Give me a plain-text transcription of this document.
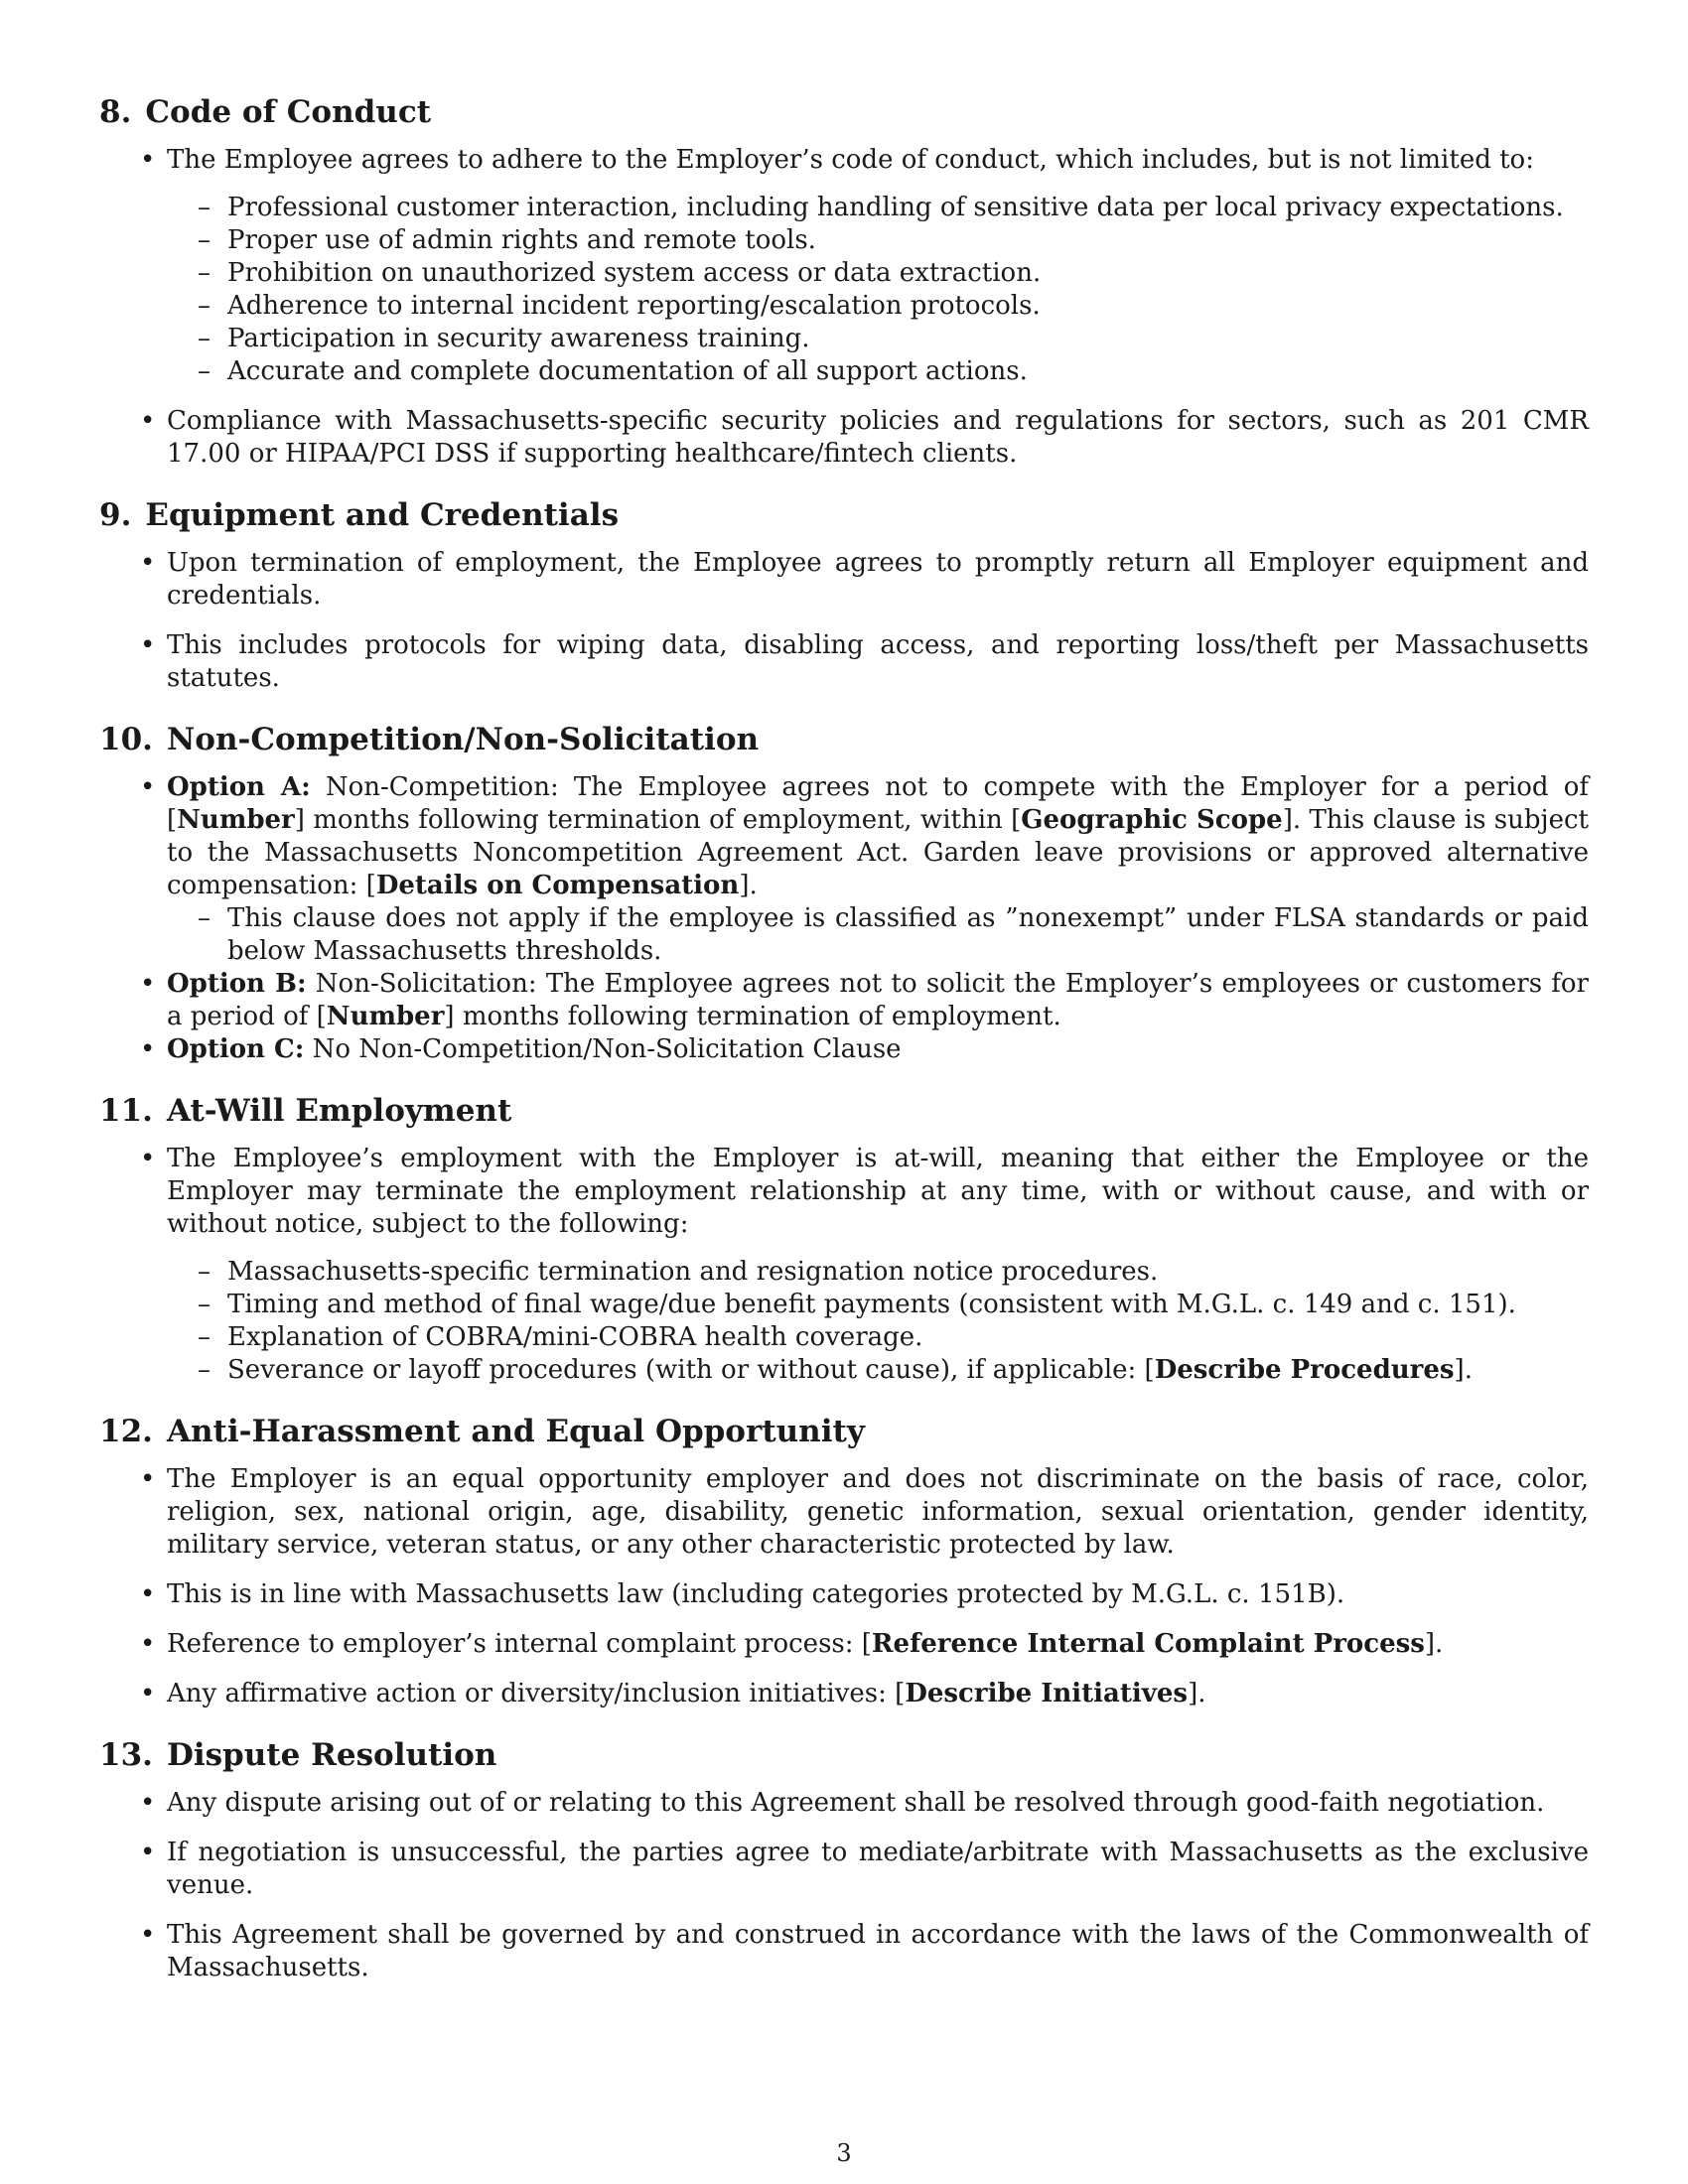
8. Code of Conduct
• The Employee agrees to adhere to the Employer’s code of conduct, which includes, but is not limited to:
– Professional customer interaction, including handling of sensitive data per local privacy expectations.
– Proper use of admin rights and remote tools.
– Prohibition on unauthorized system access or data extraction.
– Adherence to internal incident reporting/escalation protocols.
– Participation in security awareness training.
– Accurate and complete documentation of all support actions.
• Compliance with Massachusetts-specific security policies and regulations for sectors, such as 201 CMR 17.00 or HIPAA/PCI DSS if supporting healthcare/fintech clients.
9. Equipment and Credentials
• Upon termination of employment, the Employee agrees to promptly return all Employer equipment and credentials.
• This includes protocols for wiping data, disabling access, and reporting loss/theft per Massachusetts statutes.
10. Non-Competition/Non-Solicitation
• Option A: Non-Competition: The Employee agrees not to compete with the Employer for a period of [Number] months following termination of employment, within [Geographic Scope]. This clause is subject to the Massachusetts Noncompetition Agreement Act. Garden leave provisions or approved alternative compensation: [Details on Compensation].
– This clause does not apply if the employee is classified as ”nonexempt” under FLSA standards or paid below Massachusetts thresholds.
• Option B: Non-Solicitation: The Employee agrees not to solicit the Employer’s employees or customers for a period of [Number] months following termination of employment.
• Option C: No Non-Competition/Non-Solicitation Clause
11. At-Will Employment
• The Employee’s employment with the Employer is at-will, meaning that either the Employee or the Employer may terminate the employment relationship at any time, with or without cause, and with or without notice, subject to the following:
– Massachusetts-specific termination and resignation notice procedures.
– Timing and method of final wage/due benefit payments (consistent with M.G.L. c. 149 and c. 151).
– Explanation of COBRA/mini-COBRA health coverage.
– Severance or layoff procedures (with or without cause), if applicable: [Describe Procedures].
12. Anti-Harassment and Equal Opportunity
• The Employer is an equal opportunity employer and does not discriminate on the basis of race, color, religion, sex, national origin, age, disability, genetic information, sexual orientation, gender identity, military service, veteran status, or any other characteristic protected by law.
• This is in line with Massachusetts law (including categories protected by M.G.L. c. 151B).
• Reference to employer’s internal complaint process: [Reference Internal Complaint Process].
• Any affirmative action or diversity/inclusion initiatives: [Describe Initiatives].
13. Dispute Resolution
• Any dispute arising out of or relating to this Agreement shall be resolved through good-faith negotiation.
• If negotiation is unsuccessful, the parties agree to mediate/arbitrate with Massachusetts as the exclusive venue.
• This Agreement shall be governed by and construed in accordance with the laws of the Commonwealth of Massachusetts.
3
